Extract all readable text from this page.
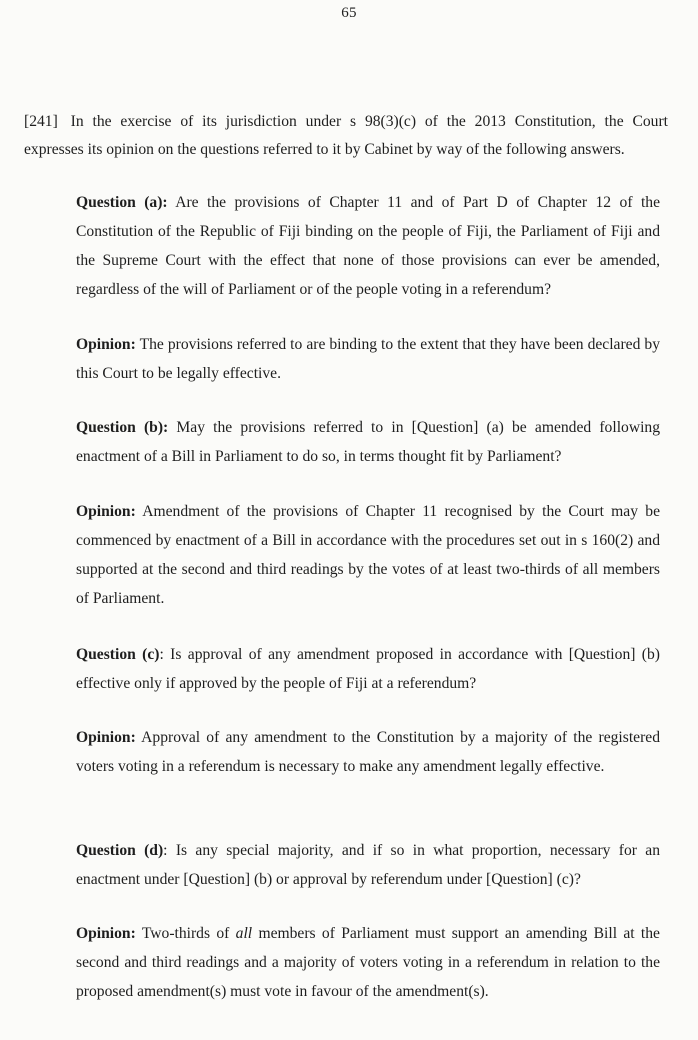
65
[241] In the exercise of its jurisdiction under s 98(3)(c) of the 2013 Constitution, the Court
expresses its opinion on the questions referred to it by Cabinet by way of the following answers.
Question (a): Are the provisions of Chapter 11 and of Part D of Chapter 12 of the Constitution of the Republic of Fiji binding on the people of Fiji, the Parliament of Fiji and the Supreme Court with the effect that none of those provisions can ever be amended, regardless of the will of Parliament or of the people voting in a referendum?
Opinion: The provisions referred to are binding to the extent that they have been declared by this Court to be legally effective.
Question (b): May the provisions referred to in [Question] (a) be amended following enactment of a Bill in Parliament to do so, in terms thought fit by Parliament?
Opinion: Amendment of the provisions of Chapter 11 recognised by the Court may be commenced by enactment of a Bill in accordance with the procedures set out in s 160(2) and supported at the second and third readings by the votes of at least two-thirds of all members of Parliament.
Question (c): Is approval of any amendment proposed in accordance with [Question] (b) effective only if approved by the people of Fiji at a referendum?
Opinion: Approval of any amendment to the Constitution by a majority of the registered voters voting in a referendum is necessary to make any amendment legally effective.
Question (d): Is any special majority, and if so in what proportion, necessary for an enactment under [Question] (b) or approval by referendum under [Question] (c)?
Opinion: Two-thirds of all members of Parliament must support an amending Bill at the second and third readings and a majority of voters voting in a referendum in relation to the proposed amendment(s) must vote in favour of the amendment(s).
